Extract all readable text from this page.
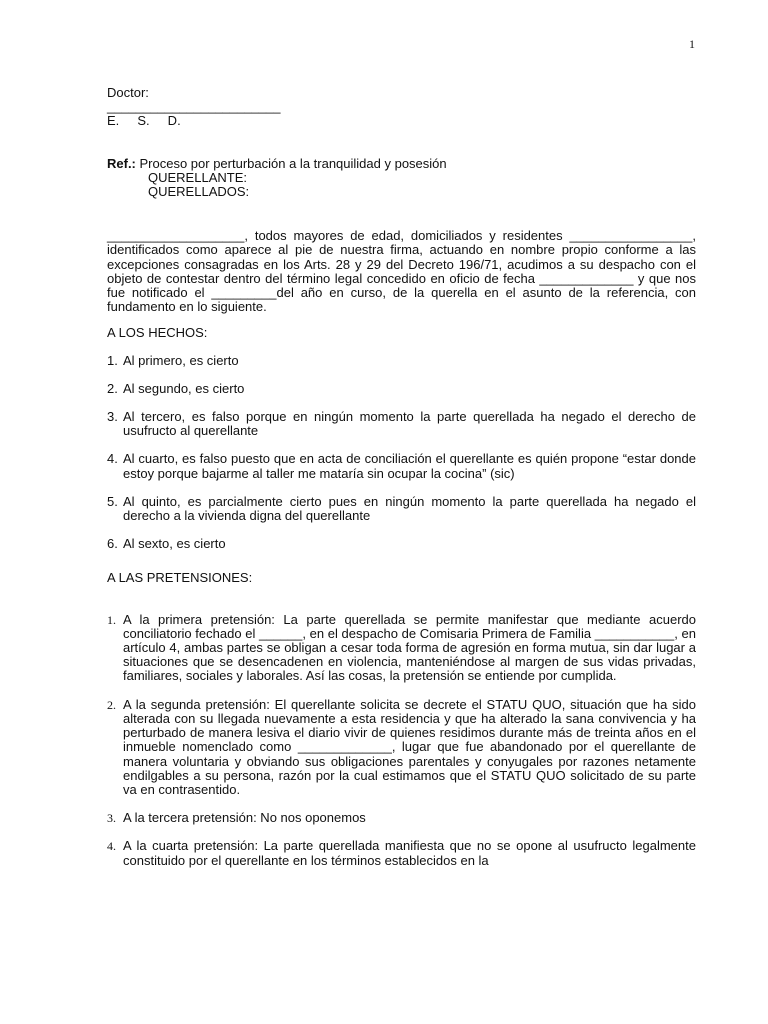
1

Doctor:

________________________

E.     S.     D.

Ref.: Proceso por perturbación a la tranquilidad y posesión

QUERELLANTE:

QUERELLADOS:

___________________, todos mayores de edad, domiciliados y residentes _________________, identificados como aparece al pie de nuestra firma, actuando en nombre propio conforme a las excepciones consagradas en los Arts. 28 y 29 del Decreto 196/71, acudimos a su despacho con el objeto de contestar dentro del término legal concedido en oficio de fecha _____________ y que nos fue notificado el _________del año en curso, de la querella en el asunto de la referencia, con fundamento en lo siguiente.
A LOS HECHOS:
1. Al primero, es cierto
2. Al segundo, es cierto
3. Al tercero, es falso porque en ningún momento la parte querellada ha negado el derecho de usufructo al querellante
4. Al cuarto, es falso puesto que en acta de conciliación el querellante es quién propone “estar donde estoy porque bajarme al taller me mataría sin ocupar la cocina” (sic)
5. Al quinto, es parcialmente cierto pues en ningún momento la parte querellada ha negado el derecho a la vivienda digna del querellante
6. Al sexto, es cierto
A LAS PRETENSIONES:
1. A la primera pretensión: La parte querellada se permite manifestar que mediante acuerdo conciliatorio fechado el ______, en el despacho de Comisaria Primera de Familia ___________, en artículo 4, ambas partes se obligan a cesar toda forma de agresión en forma mutua, sin dar lugar a situaciones que se desencadenen en violencia, manteniéndose al margen de sus vidas privadas, familiares, sociales y laborales. Así las cosas, la pretensión se entiende por cumplida.
2. A la segunda pretensión: El querellante solicita se decrete el STATU QUO, situación que ha sido alterada con su llegada nuevamente a esta residencia y que ha alterado la sana convivencia y ha perturbado de manera lesiva el diario vivir de quienes residimos durante más de treinta años en el inmueble nomenclado como _____________, lugar que fue abandonado por el querellante de manera voluntaria y obviando sus obligaciones parentales y conyugales por razones netamente endilgables a su persona, razón por la cual estimamos que el STATU QUO solicitado de su parte va en contrasentido.
3. A la tercera pretensión: No nos oponemos
4. A la cuarta pretensión: La parte querellada manifiesta que no se opone al usufructo legalmente constituido por el querellante en los términos establecidos en la
